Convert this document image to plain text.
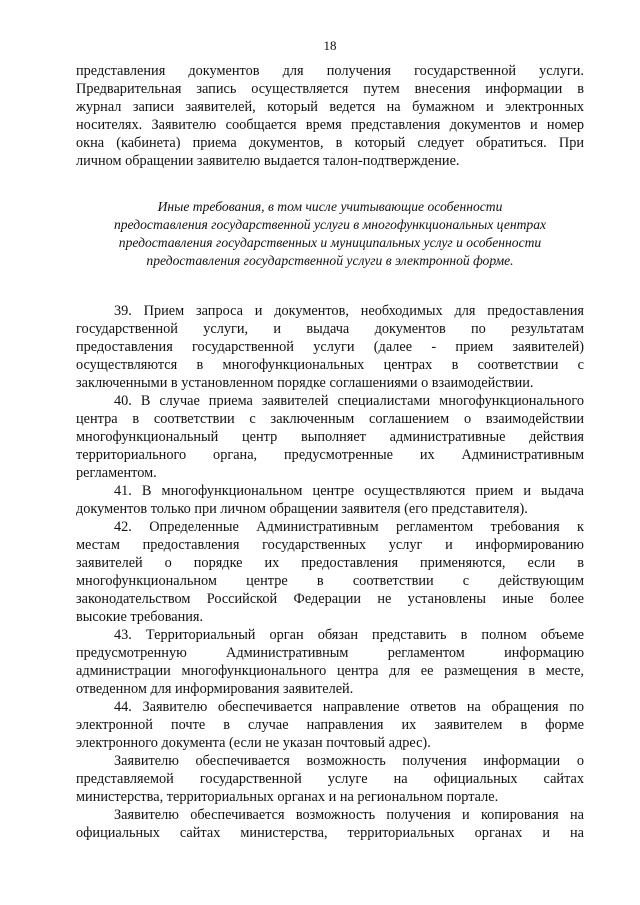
18
представления документов для получения государственной услуги.
Предварительная запись осуществляется путем внесения информации в
журнал записи заявителей, который ведется на бумажном и электронных
носителях. Заявителю сообщается время представления документов и номер
окна (кабинета) приема документов, в который следует обратиться. При
личном обращении заявителю выдается талон-подтверждение.
Иные требования, в том числе учитывающие особенности
предоставления государственной услуги в многофункциональных центрах
предоставления государственных и муниципальных услуг и особенности
предоставления государственной услуги в электронной форме.
39. Прием запроса и документов, необходимых для предоставления
государственной услуги, и выдача документов по результатам
предоставления государственной услуги (далее - прием заявителей)
осуществляются в многофункциональных центрах в соответствии с
заключенными в установленном порядке соглашениями о взаимодействии.
40. В случае приема заявителей специалистами многофункционального
центра в соответствии с заключенным соглашением о взаимодействии
многофункциональный центр выполняет административные действия
территориального органа, предусмотренные их Административным
регламентом.
41. В многофункциональном центре осуществляются прием и выдача
документов только при личном обращении заявителя (его представителя).
42. Определенные Административным регламентом требования к
местам предоставления государственных услуг и информированию
заявителей о порядке их предоставления применяются, если в
многофункциональном центре в соответствии с действующим
законодательством Российской Федерации не установлены иные более
высокие требования.
43. Территориальный орган обязан представить в полном объеме
предусмотренную Административным регламентом информацию
администрации многофункционального центра для ее размещения в месте,
отведенном для информирования заявителей.
44. Заявителю обеспечивается направление ответов на обращения по
электронной почте в случае направления их заявителем в форме
электронного документа (если не указан почтовый адрес).
Заявителю обеспечивается возможность получения информации о
представляемой государственной услуге на официальных сайтах
министерства, территориальных органах и на региональном портале.
Заявителю обеспечивается возможность получения и копирования на
официальных сайтах министерства, территориальных органах и на
